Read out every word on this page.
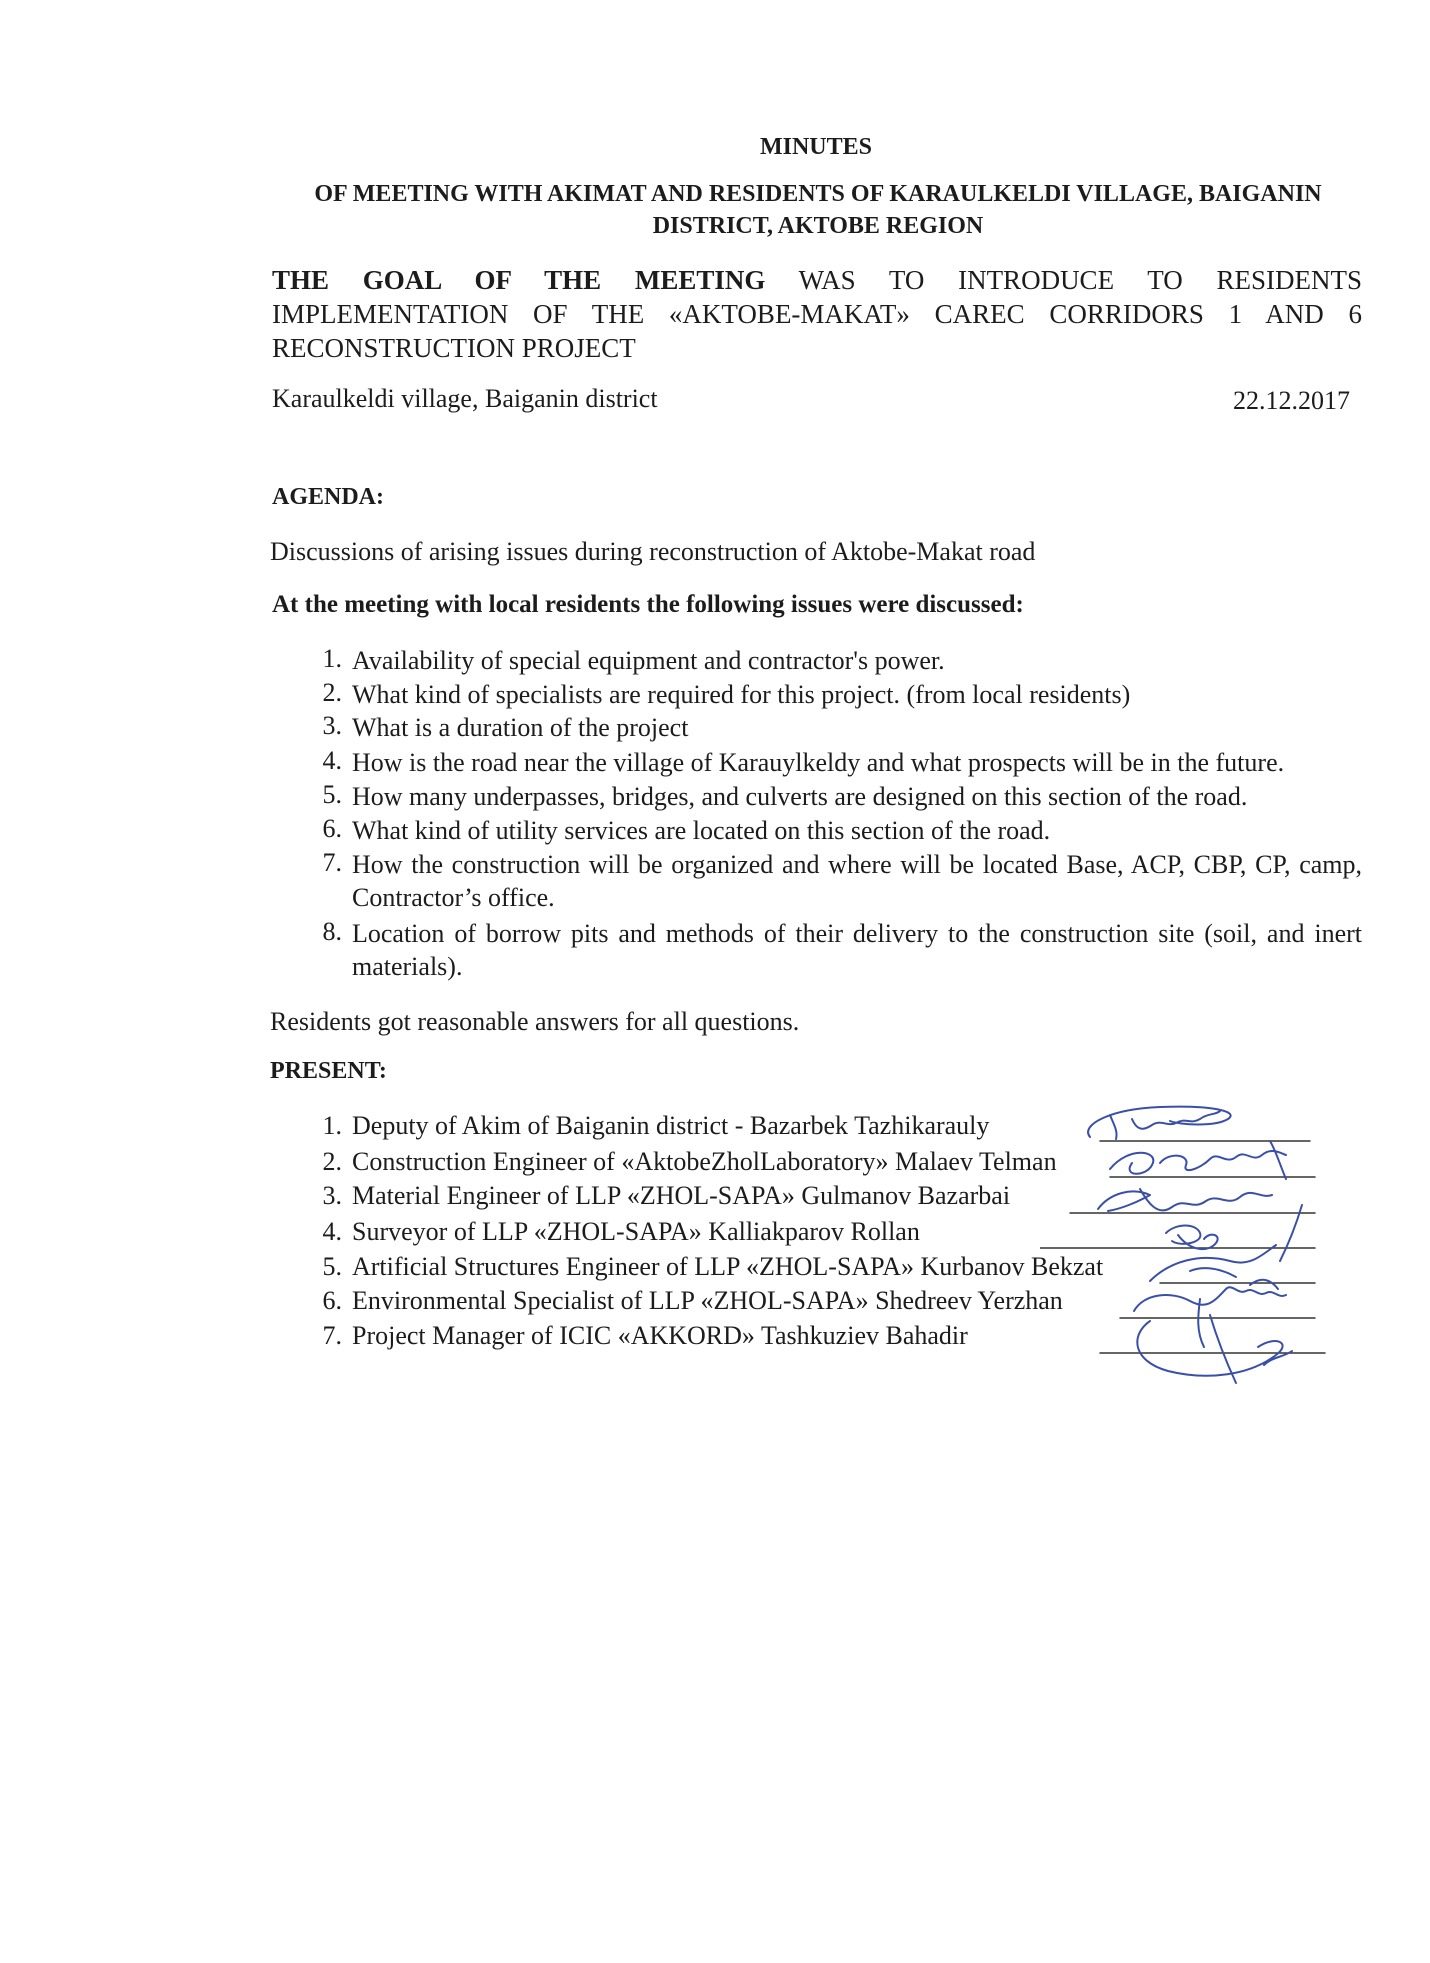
MINUTES
OF MEETING WITH AKIMAT AND RESIDENTS OF KARAULKELDI VILLAGE, BAIGANIN DISTRICT, AKTOBE REGION
THE GOAL OF THE MEETING WAS TO INTRODUCE TO RESIDENTS IMPLEMENTATION OF THE «AKTOBE-MAKAT» CAREC CORRIDORS 1 AND 6 RECONSTRUCTION PROJECT
Karaulkeldi village, Baiganin district	22.12.2017
AGENDA:
Discussions of arising issues during reconstruction of Aktobe-Makat road
At the meeting with local residents the following issues were discussed:
1. Availability of special equipment and contractor's power.
2. What kind of specialists are required for this project. (from local residents)
3. What is a duration of the project
4. How is the road near the village of Karauylkeldy and what prospects will be in the future.
5. How many underpasses, bridges, and culverts are designed on this section of the road.
6. What kind of utility services are located on this section of the road.
7. How the construction will be organized and where will be located Base, ACP, CBP, CP, camp, Contractor’s office.
8. Location of borrow pits and methods of their delivery to the construction site (soil, and inert materials).
Residents got reasonable answers for all questions.
PRESENT:
1. Deputy of Akim of Baiganin district - Bazarbek Tazhikarauly
2. Construction Engineer of «AktobeZholLaboratory» Malaev Telman
3. Material Engineer of LLP «ZHOL-SAPA» Gulmanov Bazarbai
4. Surveyor of LLP «ZHOL-SAPA» Kalliakparov Rollan
5. Artificial Structures Engineer of LLP «ZHOL-SAPA» Kurbanov Bekzat
6. Environmental Specialist of LLP «ZHOL-SAPA» Shedreev Yerzhan
7. Project Manager of ICIC «AKKORD» Tashkuziev Bahadir
